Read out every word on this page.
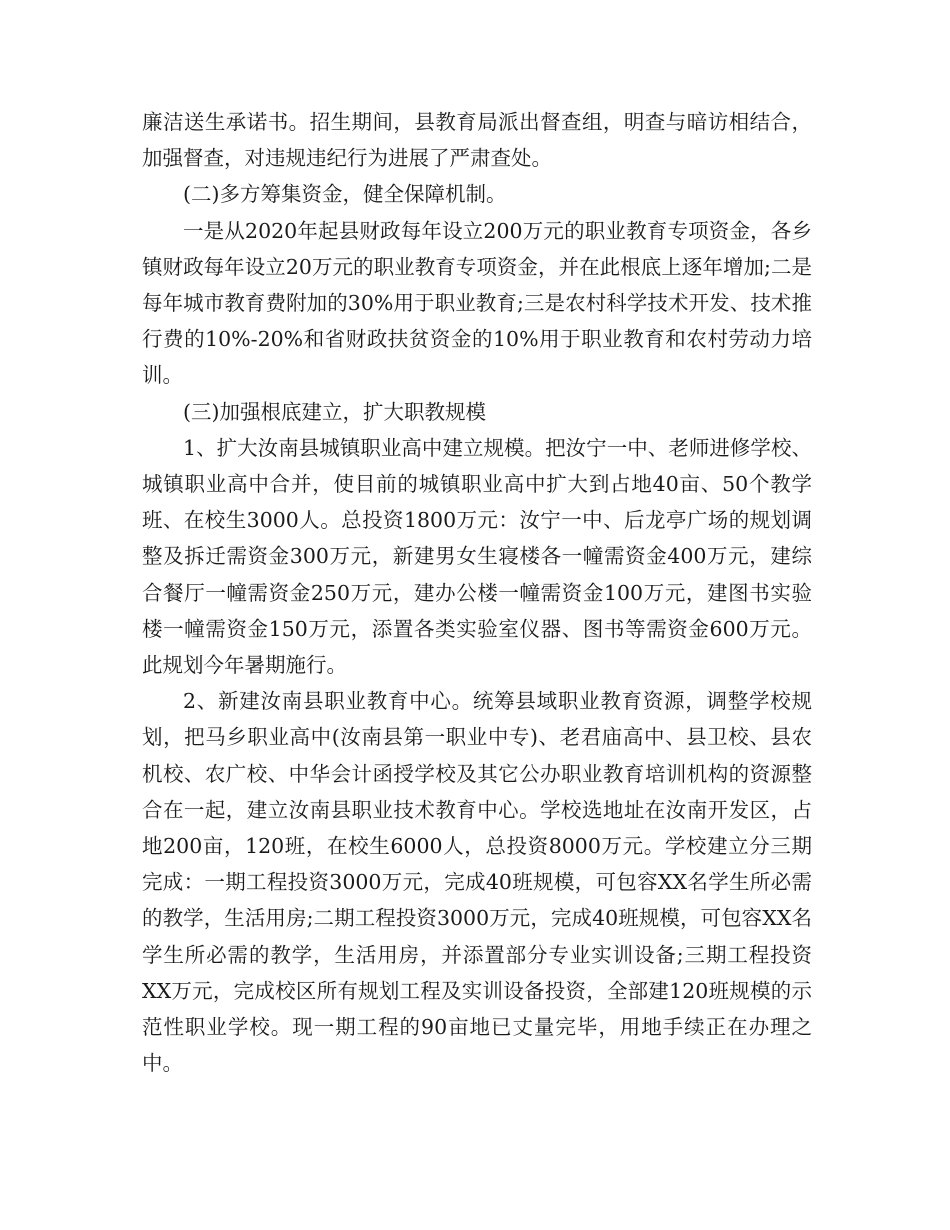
廉洁送生承诺书。招生期间，县教育局派出督查组，明查与暗访相结合，加强督查，对违规违纪行为进展了严肃查处。

(二)多方筹集资金，健全保障机制。

一是从2020年起县财政每年设立200万元的职业教育专项资金，各乡镇财政每年设立20万元的职业教育专项资金，并在此根底上逐年增加;二是每年城市教育费附加的30%用于职业教育;三是农村科学技术开发、技术推行费的10%-20%和省财政扶贫资金的10%用于职业教育和农村劳动力培训。

(三)加强根底建立，扩大职教规模

1、扩大汝南县城镇职业高中建立规模。把汝宁一中、老师进修学校、城镇职业高中合并，使目前的城镇职业高中扩大到占地40亩、50个教学班、在校生3000人。总投资1800万元：汝宁一中、后龙亭广场的规划调整及拆迁需资金300万元，新建男女生寝楼各一幢需资金400万元，建综合餐厅一幢需资金250万元，建办公楼一幢需资金100万元，建图书实验楼一幢需资金150万元，添置各类实验室仪器、图书等需资金600万元。此规划今年暑期施行。

2、新建汝南县职业教育中心。统筹县域职业教育资源，调整学校规划，把马乡职业高中(汝南县第一职业中专)、老君庙高中、县卫校、县农机校、农广校、中华会计函授学校及其它公办职业教育培训机构的资源整合在一起，建立汝南县职业技术教育中心。学校选地址在汝南开发区，占地200亩，120班，在校生6000人，总投资8000万元。学校建立分三期完成：一期工程投资3000万元，完成40班规模，可包容XX名学生所必需的教学，生活用房;二期工程投资3000万元，完成40班规模，可包容XX名学生所必需的教学，生活用房，并添置部分专业实训设备;三期工程投资XX万元，完成校区所有规划工程及实训设备投资，全部建120班规模的示范性职业学校。现一期工程的90亩地已丈量完毕，用地手续正在办理之中。
